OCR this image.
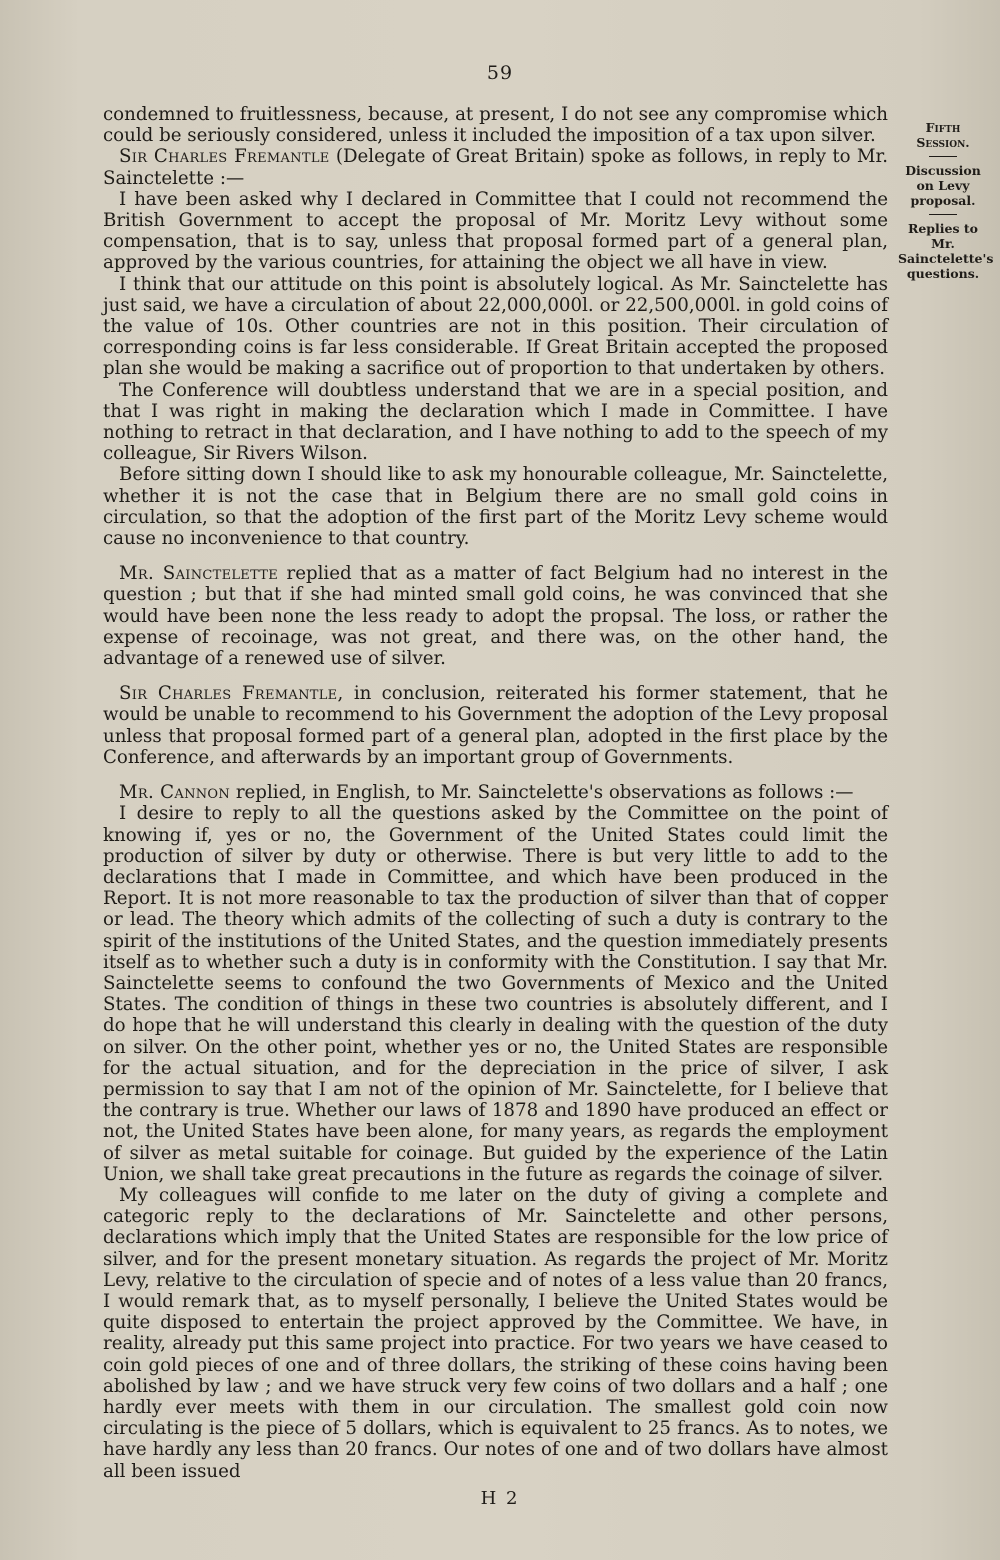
59
Fifth Session.
Discussion on Levy proposal.
Replies to Mr. Sainctelette's questions.

condemned to fruitlessness, because, at present, I do not see any compromise which could be seriously considered, unless it included the imposition of a tax upon silver.

Sir Charles Fremantle (Delegate of Great Britain) spoke as follows, in reply to Mr. Sainctelette :—

I have been asked why I declared in Committee that I could not recommend the British Government to accept the proposal of Mr. Moritz Levy without some compensation, that is to say, unless that proposal formed part of a general plan, approved by the various countries, for attaining the object we all have in view.

I think that our attitude on this point is absolutely logical. As Mr. Sainctelette has just said, we have a circulation of about 22,000,000l. or 22,500,000l. in gold coins of the value of 10s. Other countries are not in this position. Their circulation of corresponding coins is far less considerable. If Great Britain accepted the proposed plan she would be making a sacrifice out of proportion to that undertaken by others.

The Conference will doubtless understand that we are in a special position, and that I was right in making the declaration which I made in Committee. I have nothing to retract in that declaration, and I have nothing to add to the speech of my colleague, Sir Rivers Wilson.

Before sitting down I should like to ask my honourable colleague, Mr. Sainctelette, whether it is not the case that in Belgium there are no small gold coins in circulation, so that the adoption of the first part of the Moritz Levy scheme would cause no inconvenience to that country.

Mr. Sainctelette replied that as a matter of fact Belgium had no interest in the question ; but that if she had minted small gold coins, he was convinced that she would have been none the less ready to adopt the propsal. The loss, or rather the expense of recoinage, was not great, and there was, on the other hand, the advantage of a renewed use of silver.

Sir Charles Fremantle, in conclusion, reiterated his former statement, that he would be unable to recommend to his Government the adoption of the Levy proposal unless that proposal formed part of a general plan, adopted in the first place by the Conference, and afterwards by an important group of Governments.

Mr. Cannon replied, in English, to Mr. Sainctelette's observations as follows :—

I desire to reply to all the questions asked by the Committee on the point of knowing if, yes or no, the Government of the United States could limit the production of silver by duty or otherwise. There is but very little to add to the declarations that I made in Committee, and which have been produced in the Report. It is not more reasonable to tax the production of silver than that of copper or lead. The theory which admits of the collecting of such a duty is contrary to the spirit of the institutions of the United States, and the question immediately presents itself as to whether such a duty is in conformity with the Constitution. I say that Mr. Sainctelette seems to confound the two Governments of Mexico and the United States. The condition of things in these two countries is absolutely different, and I do hope that he will understand this clearly in dealing with the question of the duty on silver. On the other point, whether yes or no, the United States are responsible for the actual situation, and for the depreciation in the price of silver, I ask permission to say that I am not of the opinion of Mr. Sainctelette, for I believe that the contrary is true. Whether our laws of 1878 and 1890 have produced an effect or not, the United States have been alone, for many years, as regards the employment of silver as metal suitable for coinage. But guided by the experience of the Latin Union, we shall take great precautions in the future as regards the coinage of silver.

My colleagues will confide to me later on the duty of giving a complete and categoric reply to the declarations of Mr. Sainctelette and other persons, declarations which imply that the United States are responsible for the low price of silver, and for the present monetary situation. As regards the project of Mr. Moritz Levy, relative to the circulation of specie and of notes of a less value than 20 francs, I would remark that, as to myself personally, I believe the United States would be quite disposed to entertain the project approved by the Committee. We have, in reality, already put this same project into practice. For two years we have ceased to coin gold pieces of one and of three dollars, the striking of these coins having been abolished by law ; and we have struck very few coins of two dollars and a half ; one hardly ever meets with them in our circulation. The smallest gold coin now circulating is the piece of 5 dollars, which is equivalent to 25 francs. As to notes, we have hardly any less than 20 francs. Our notes of one and of two dollars have almost all been issued

H 2
